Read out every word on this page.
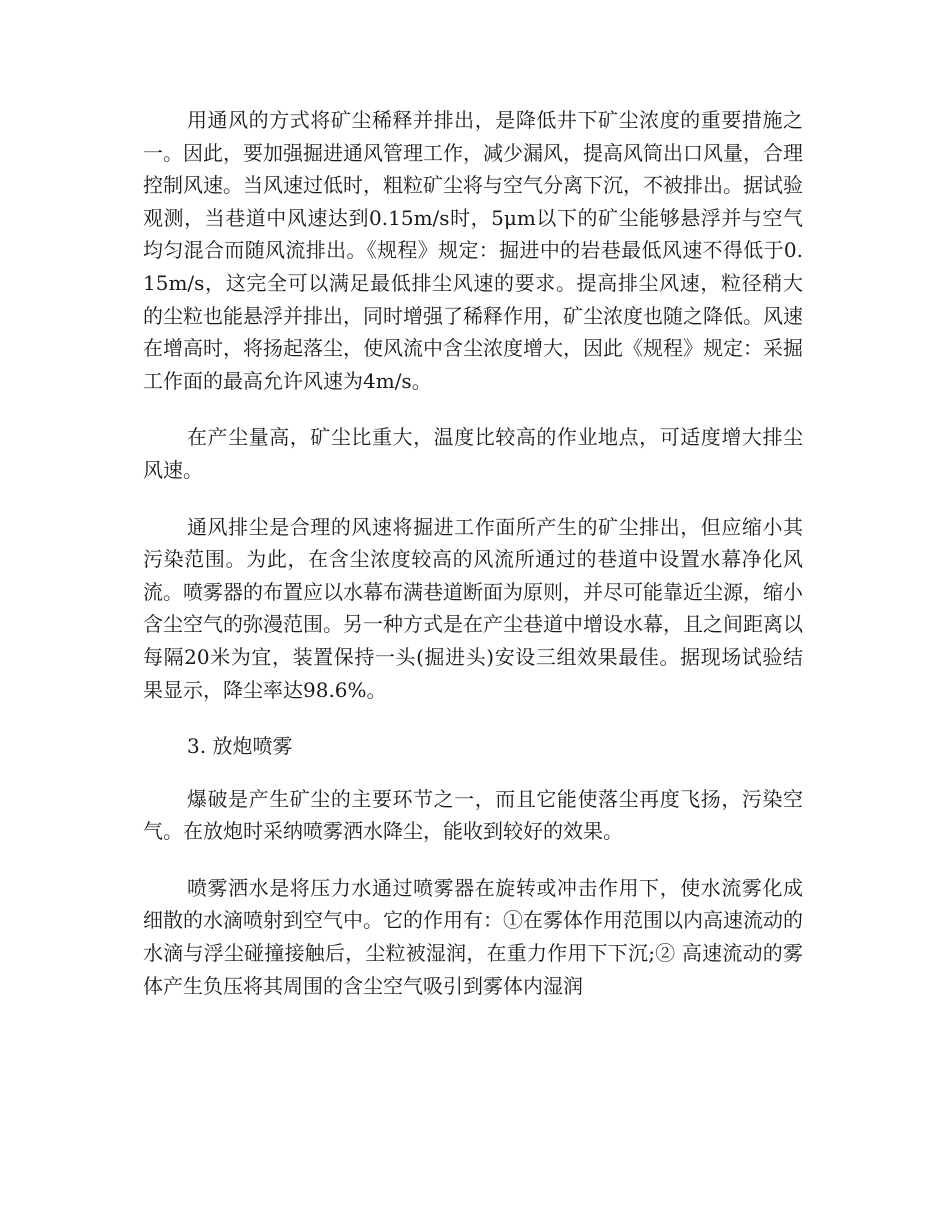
用通风的方式将矿尘稀释并排出，是降低井下矿尘浓度的重要措施之一。因此，要加强掘进通风管理工作，减少漏风，提高风筒出口风量，合理控制风速。当风速过低时，粗粒矿尘将与空气分离下沉，不被排出。据试验观测，当巷道中风速达到0.15m/s时，5μm以下的矿尘能够悬浮并与空气均匀混合而随风流排出。《规程》规定：掘进中的岩巷最低风速不得低于0.15m/s，这完全可以满足最低排尘风速的要求。提高排尘风速，粒径稍大的尘粒也能悬浮并排出，同时增强了稀释作用，矿尘浓度也随之降低。风速在增高时，将扬起落尘，使风流中含尘浓度增大，因此《规程》规定：采掘工作面的最高允许风速为4m/s。

在产尘量高，矿尘比重大，温度比较高的作业地点，可适度增大排尘风速。

通风排尘是合理的风速将掘进工作面所产生的矿尘排出，但应缩小其污染范围。为此，在含尘浓度较高的风流所通过的巷道中设置水幕净化风流。喷雾器的布置应以水幕布满巷道断面为原则，并尽可能靠近尘源，缩小含尘空气的弥漫范围。另一种方式是在产尘巷道中增设水幕，且之间距离以每隔20米为宜，装置保持一头(掘进头)安设三组效果最佳。据现场试验结果显示，降尘率达98.6%。

3. 放炮喷雾

爆破是产生矿尘的主要环节之一，而且它能使落尘再度飞扬，污染空气。在放炮时采纳喷雾洒水降尘，能收到较好的效果。

喷雾洒水是将压力水通过喷雾器在旋转或冲击作用下，使水流雾化成细散的水滴喷射到空气中。它的作用有：①在雾体作用范围以内高速流动的水滴与浮尘碰撞接触后，尘粒被湿润，在重力作用下下沉;② 高速流动的雾体产生负压将其周围的含尘空气吸引到雾体内湿润
